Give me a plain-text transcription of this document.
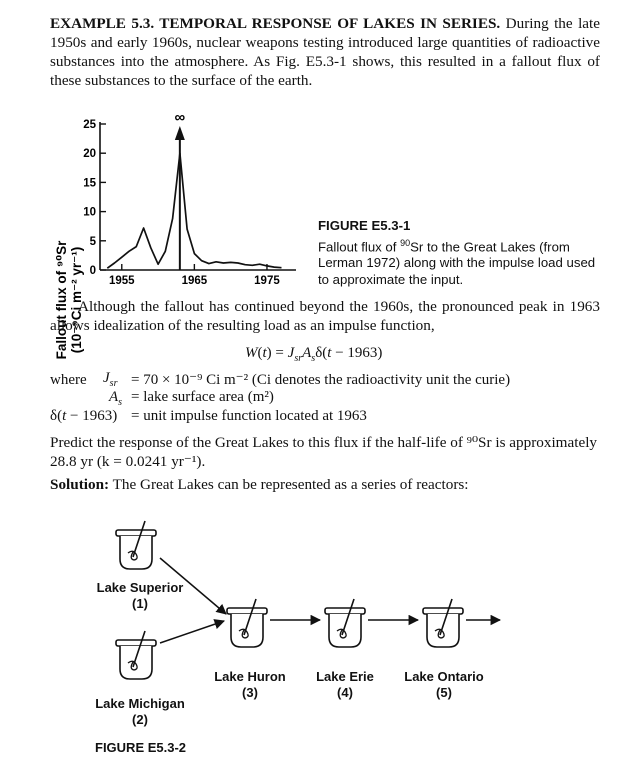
EXAMPLE 5.3. TEMPORAL RESPONSE OF LAKES IN SERIES. During the late 1950s and early 1960s, nuclear weapons testing introduced large quantities of radioactive substances into the atmosphere. As Fig. E5.3-1 shows, this resulted in a fallout flux of these substances to the surface of the earth.
Fallout flux of ⁹⁰Sr (10⁻⁹Ci m⁻² yr⁻¹) 0
5
10
15
20
25
1955	1965	1975
∞
FIGURE E5.3-1
Fallout flux of $^{90}$Sr to the Great Lakes (from Lerman 1972) along with the impulse load used to approximate the input.
Although the fallout has continued beyond the 1960s, the pronounced peak in 1963 allows idealization of the resulting load as an impulse function,
$W(t) = J_{sr}A_s\delta(t - 1963)$
where $J_{sr} = 70 \times 10^{-9}$ Ci m⁻² (Ci denotes the radioactivity unit the curie)
$A_s$ = lake surface area (m²)
δ(t − 1963) = unit impulse function located at 1963
Predict the response of the Great Lakes to this flux if the half-life of ⁹⁰Sr is approximately 28.8 yr (k = 0.0241 yr⁻¹).
Solution: The Great Lakes can be represented as a series of reactors:
Lake Superior
(1)
Lake Michigan
(2)
Lake Huron
(3)
Lake Erie
(4)
Lake Ontario
(5)
FIGURE E5.3-2
